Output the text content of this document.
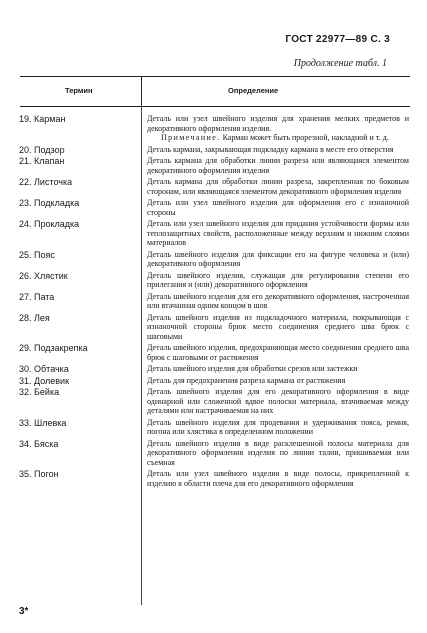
ГОСТ 22977—89 С. 3
Продолжение табл. 1
Термин	Определение
19. Карман	Деталь или узел швейного изделия для хранения мелких предметов и декоративного оформления изделия.
Примечание. Карман может быть прорезной, накладной и т. д.
20. Подзор	Деталь кармана, закрывающая подкладку кармана в месте его отверстия
21. Клапан	Деталь кармана для обработки линии разреза или являющаяся элементом декоративного оформления изделия
22. Листочка	Деталь кармана для обработки линии разреза, закрепленная по боковым сторонам, или являющаяся элементом декоративного оформления изделия
23. Подкладка	Деталь или узел швейного изделия для оформления его с изнаночной стороны
24. Прокладка	Деталь или узел швейного изделия для придания устойчивости формы или теплозащитных свойств, расположенные между верхним и нижним слоями материалов
25. Пояс	Деталь швейного изделия для фиксации его на фигуре человека и (или) декоративного оформления
26. Хлястик	Деталь швейного изделия, служащая для регулирования степени его прилегания и (или) декоративного оформления
27. Пата	Деталь швейного изделия для его декоративного оформления, настроченная или втачанная одним концом в шов
28. Лея	Деталь швейного изделия из подкладочного материала, покрывающая с изнаночной стороны брюк место соединения среднего шва брюк с шаговыми
29. Подзакрепка	Деталь швейного изделия, предохраняющая место соединения среднего шва брюк с шаговыми от растяжения
30. Обтачка	Деталь швейного изделия для обработки срезов или застежки
31. Долевик	Деталь для предохранения разреза кармана от растяжения
32. Бейка	Деталь швейного изделия для его декоративного оформления в виде одинарной или сложенной вдвое полоски материала, втачиваемая между деталями или настрачиваемая на них
33. Шлевка	Деталь швейного изделия для продевания и удерживания пояса, ремня, погона или хлястика в определенном положении
34. Бяска	Деталь швейного изделия в виде расклешенной полосы материала для декоративного оформления изделия по линии талии, пришиваемая или съемная
35. Погон	Деталь или узел швейного изделия в виде полосы, прикрепленной к изделию в области плеча для его декоративного оформления
3*
